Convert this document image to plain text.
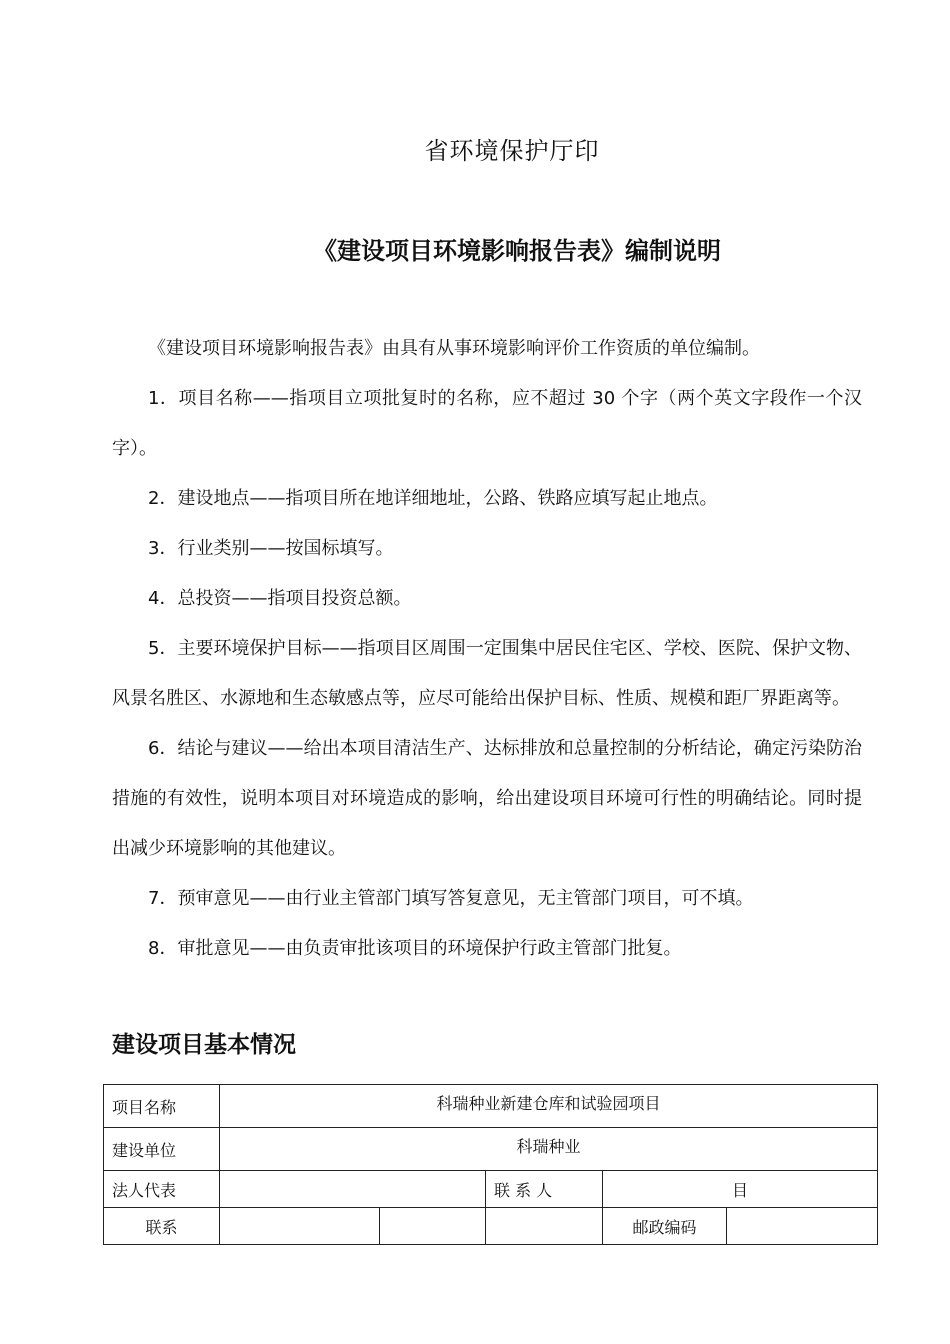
省环境保护厅印
《建设项目环境影响报告表》编制说明

《建设项目环境影响报告表》由具有从事环境影响评价工作资质的单位编制。

1．项目名称——指项目立项批复时的名称，应不超过 30 个字（两个英文字段作一个汉字）。

2．建设地点——指项目所在地详细地址，公路、铁路应填写起止地点。

3．行业类别——按国标填写。

4．总投资——指项目投资总额。

5．主要环境保护目标——指项目区周围一定围集中居民住宅区、学校、医院、保护文物、风景名胜区、水源地和生态敏感点等，应尽可能给出保护目标、性质、规模和距厂界距离等。

6．结论与建议——给出本项目清洁生产、达标排放和总量控制的分析结论，确定污染防治措施的有效性，说明本项目对环境造成的影响，给出建设项目环境可行性的明确结论。同时提出减少环境影响的其他建议。

7．预审意见——由行业主管部门填写答复意见，无主管部门项目，可不填。

8．审批意见——由负责审批该项目的环境保护行政主管部门批复。

建设项目基本情况
项目名称	科瑞种业新建仓库和试验园项目				
建设单位	科瑞种业				
法人代表			联 系 人	目	
联系				邮政编码	
